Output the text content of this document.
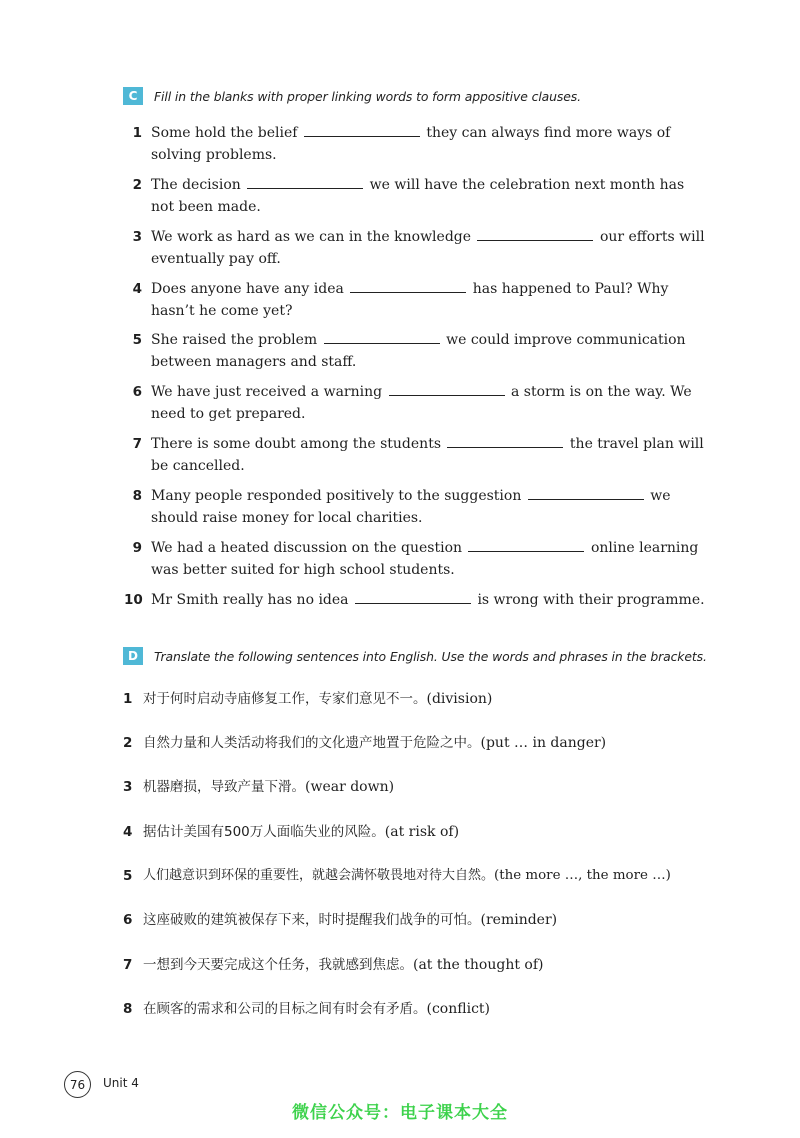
C	Fill in the blanks with proper linking words to form appositive clauses.
1 Some hold the belief	they can always find more ways of
solving problems.
2 The decision	we will have the celebration next month has
not been made.
3 We work as hard as we can in the knowledge	our efforts will
eventually pay off.
4 Does anyone have any idea	has happened to Paul? Why
hasn’t he come yet?
5 She raised the problem	we could improve communication
between managers and staff.
6 We have just received a warning	a storm is on the way. We
need to get prepared.
7 There is some doubt among the students	the travel plan will
be cancelled.
8 Many people responded positively to the suggestion	we
should raise money for local charities.
9 We had a heated discussion on the question	online learning
was better suited for high school students.
10 Mr Smith really has no idea	is wrong with their programme.
D	Translate the following sentences into English. Use the words and phrases in the brackets.
1 对于何时启动寺庙修复工作，专家们意见不一。(division)
2 自然力量和人类活动将我们的文化遗产地置于危险之中。(put … in danger)
3 机器磨损，导致产量下滑。(wear down)
4 据估计美国有500万人面临失业的风险。(at risk of)
5 人们越意识到环保的重要性，就越会满怀敬畏地对待大自然。(the more …, the more …)
6 这座破败的建筑被保存下来，时时提醒我们战争的可怕。(reminder)
7 一想到今天要完成这个任务，我就感到焦虑。(at the thought of)
8 在顾客的需求和公司的目标之间有时会有矛盾。(conflict)
76	Unit 4
微信公众号：电子课本大全
